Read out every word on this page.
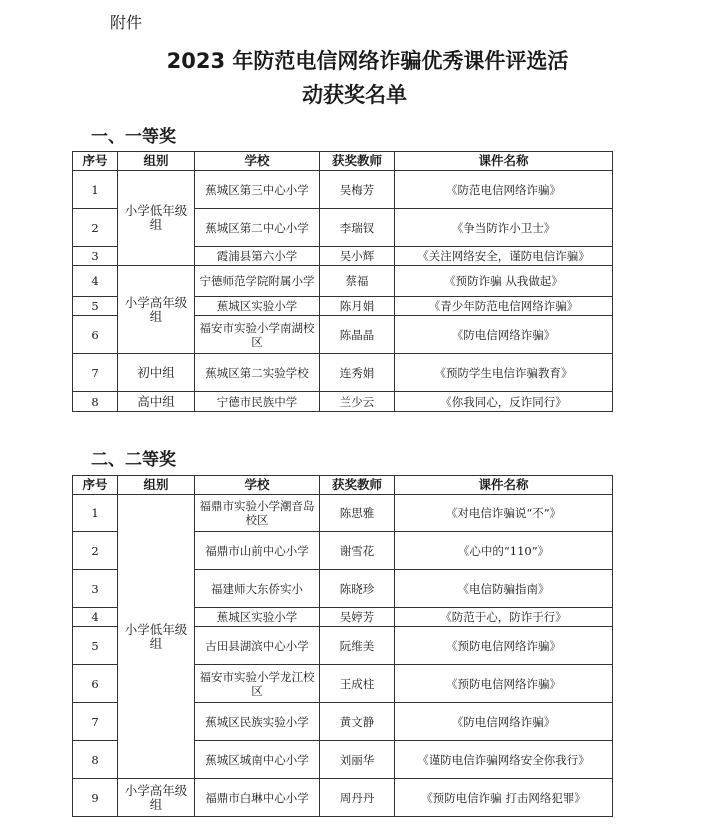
附件
2023 年防范电信网络诈骗优秀课件评选活
动获奖名单
一、一等奖
序号	组别	学校	获奖教师	课件名称
1	小学低年级组	蕉城区第三中心小学	吴梅芳	《防范电信网络诈骗》
2		蕉城区第二中心小学	李瑞钗	《争当防诈小卫士》
3		霞浦县第六小学	吴小辉	《关注网络安全，谨防电信诈骗》
4	小学高年级组	宁德师范学院附属小学	蔡福	《预防诈骗 从我做起》
5		蕉城区实验小学	陈月娟	《青少年防范电信网络诈骗》
6		福安市实验小学南湖校区	陈晶晶	《防电信网络诈骗》
7	初中组	蕉城区第二实验学校	连秀娟	《预防学生电信诈骗教育》
8	高中组	宁德市民族中学	兰少云	《你我同心，反诈同行》
二、二等奖
序号	组别	学校	获奖教师	课件名称
1	小学低年级组	福鼎市实验小学潮音岛校区	陈思雅	《对电信诈骗说“不”》
2		福鼎市山前中心小学	谢雪花	《心中的“110”》
3		福建师大东侨实小	陈晓珍	《电信防骗指南》
4		蕉城区实验小学	吴婷芳	《防范于心，防诈于行》
5		古田县湖滨中心小学	阮维美	《预防电信网络诈骗》
6		福安市实验小学龙江校区	王成柱	《预防电信网络诈骗》
7		蕉城区民族实验小学	黄文静	《防电信网络诈骗》
8		蕉城区城南中心小学	刘丽华	《谨防电信诈骗网络安全你我行》
9	小学高年级组	福鼎市白琳中心小学	周丹丹	《预防电信诈骗 打击网络犯罪》
